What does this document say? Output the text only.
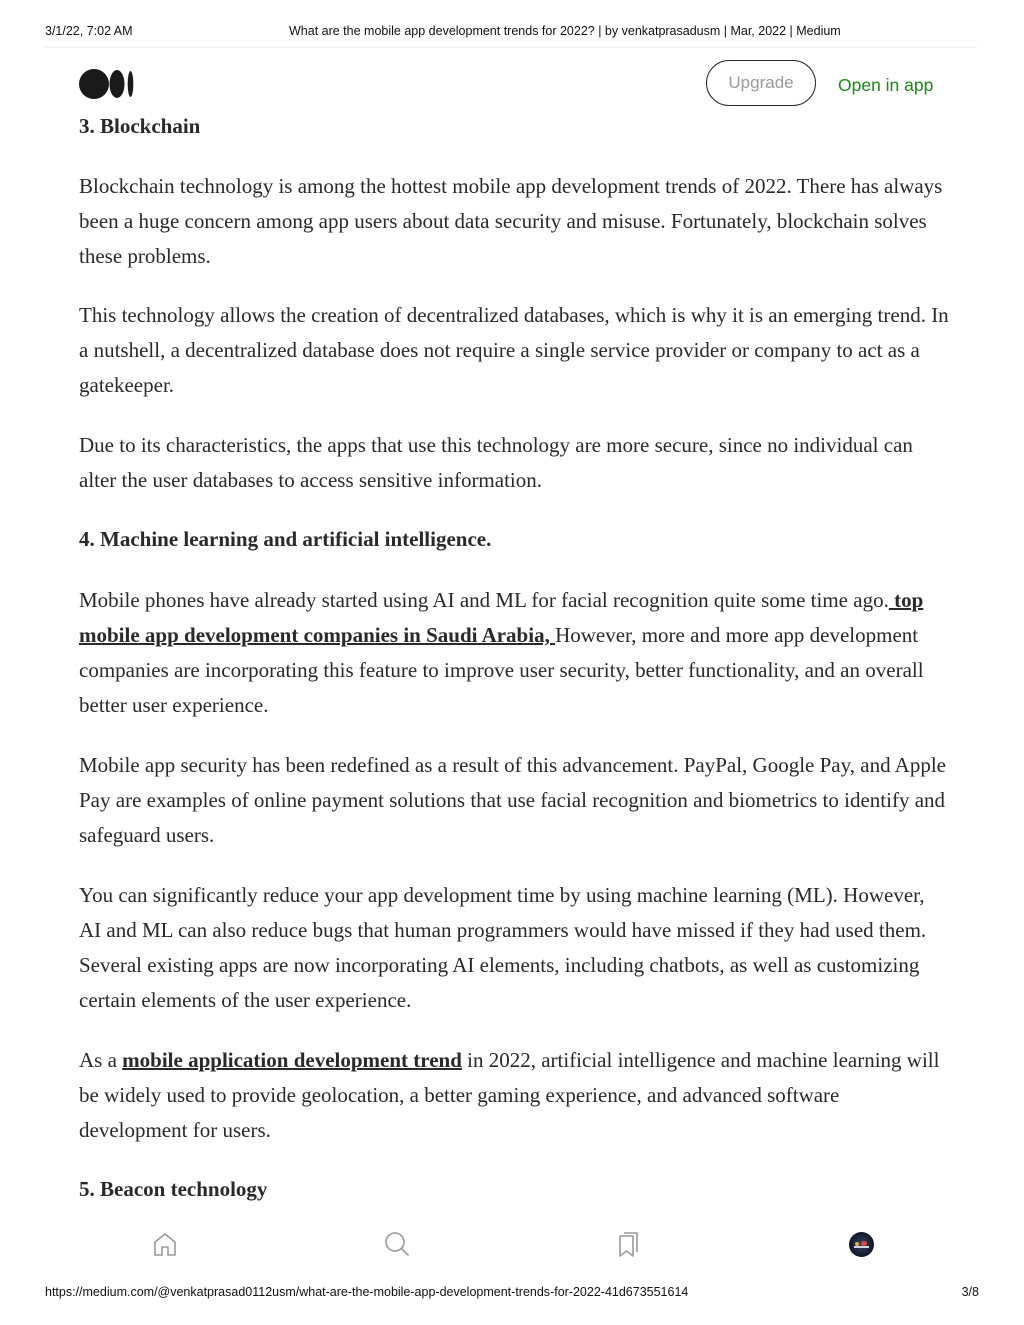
3/1/22, 7:02 AM	What are the mobile app development trends for 2022? | by venkatprasadusm | Mar, 2022 | Medium
Upgrade	Open in app
3. Blockchain

Blockchain technology is among the hottest mobile app development trends of 2022. There has always been a huge concern among app users about data security and misuse. Fortunately, blockchain solves these problems.

This technology allows the creation of decentralized databases, which is why it is an emerging trend. In a nutshell, a decentralized database does not require a single service provider or company to act as a gatekeeper.

Due to its characteristics, the apps that use this technology are more secure, since no individual can alter the user databases to access sensitive information.

4. Machine learning and artificial intelligence.

Mobile phones have already started using AI and ML for facial recognition quite some time ago. top mobile app development companies in Saudi Arabia, However, more and more app development companies are incorporating this feature to improve user security, better functionality, and an overall better user experience.

Mobile app security has been redefined as a result of this advancement. PayPal, Google Pay, and Apple Pay are examples of online payment solutions that use facial recognition and biometrics to identify and safeguard users.

You can significantly reduce your app development time by using machine learning (ML). However, AI and ML can also reduce bugs that human programmers would have missed if they had used them. Several existing apps are now incorporating AI elements, including chatbots, as well as customizing certain elements of the user experience.

As a mobile application development trend in 2022, artificial intelligence and machine learning will be widely used to provide geolocation, a better gaming experience, and advanced software development for users.

5. Beacon technology
https://medium.com/@venkatprasad0112usm/what-are-the-mobile-app-development-trends-for-2022-41d673551614	3/8
